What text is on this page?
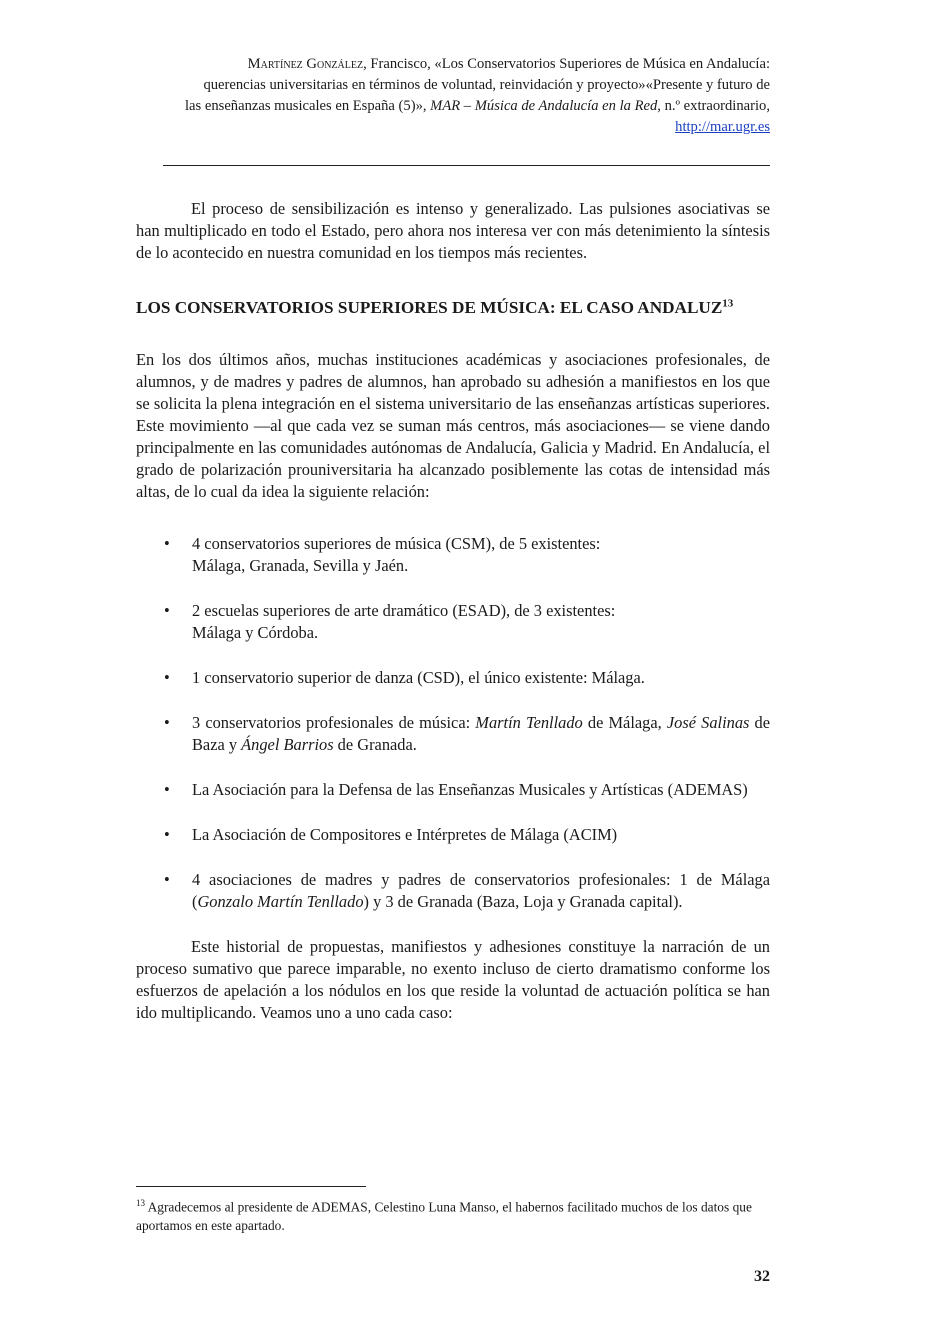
Martínez González, Francisco, «Los Conservatorios Superiores de Música en Andalucía:
querencias universitarias en términos de voluntad, reinvidación y proyecto»«Presente y futuro de
las enseñanzas musicales en España (5)», MAR – Música de Andalucía en la Red, n.º extraordinario,
http://mar.ugr.es

El proceso de sensibilización es intenso y generalizado. Las pulsiones asociativas se han multiplicado en todo el Estado, pero ahora nos interesa ver con más detenimiento la síntesis de lo acontecido en nuestra comunidad en los tiempos más recientes.

LOS CONSERVATORIOS SUPERIORES DE MÚSICA: EL CASO ANDALUZ$^{13}$

En los dos últimos años, muchas instituciones académicas y asociaciones profesionales, de alumnos, y de madres y padres de alumnos, han aprobado su adhesión a manifiestos en los que se solicita la plena integración en el sistema universitario de las enseñanzas artísticas superiores. Este movimiento —al que cada vez se suman más centros, más asociaciones— se viene dando principalmente en las comunidades autónomas de Andalucía, Galicia y Madrid. En Andalucía, el grado de polarización prouniversitaria ha alcanzado posiblemente las cotas de intensidad más altas, de lo cual da idea la siguiente relación:

• 4 conservatorios superiores de música (CSM), de 5 existentes:
Málaga, Granada, Sevilla y Jaén.
• 2 escuelas superiores de arte dramático (ESAD), de 3 existentes:
Málaga y Córdoba.
• 1 conservatorio superior de danza (CSD), el único existente: Málaga.
• 3 conservatorios profesionales de música: Martín Tenllado de Málaga, José Salinas de Baza y Ángel Barrios de Granada.
• La Asociación para la Defensa de las Enseñanzas Musicales y Artísticas (ADEMAS)
• La Asociación de Compositores e Intérpretes de Málaga (ACIM)
• 4 asociaciones de madres y padres de conservatorios profesionales: 1 de Málaga (Gonzalo Martín Tenllado) y 3 de Granada (Baza, Loja y Granada capital).

Este historial de propuestas, manifiestos y adhesiones constituye la narración de un proceso sumativo que parece imparable, no exento incluso de cierto dramatismo conforme los esfuerzos de apelación a los nódulos en los que reside la voluntad de actuación política se han ido multiplicando. Veamos uno a uno cada caso:

$^{13}$ Agradecemos al presidente de ADEMAS, Celestino Luna Manso, el habernos facilitado muchos de los datos que aportamos en este apartado.
32
